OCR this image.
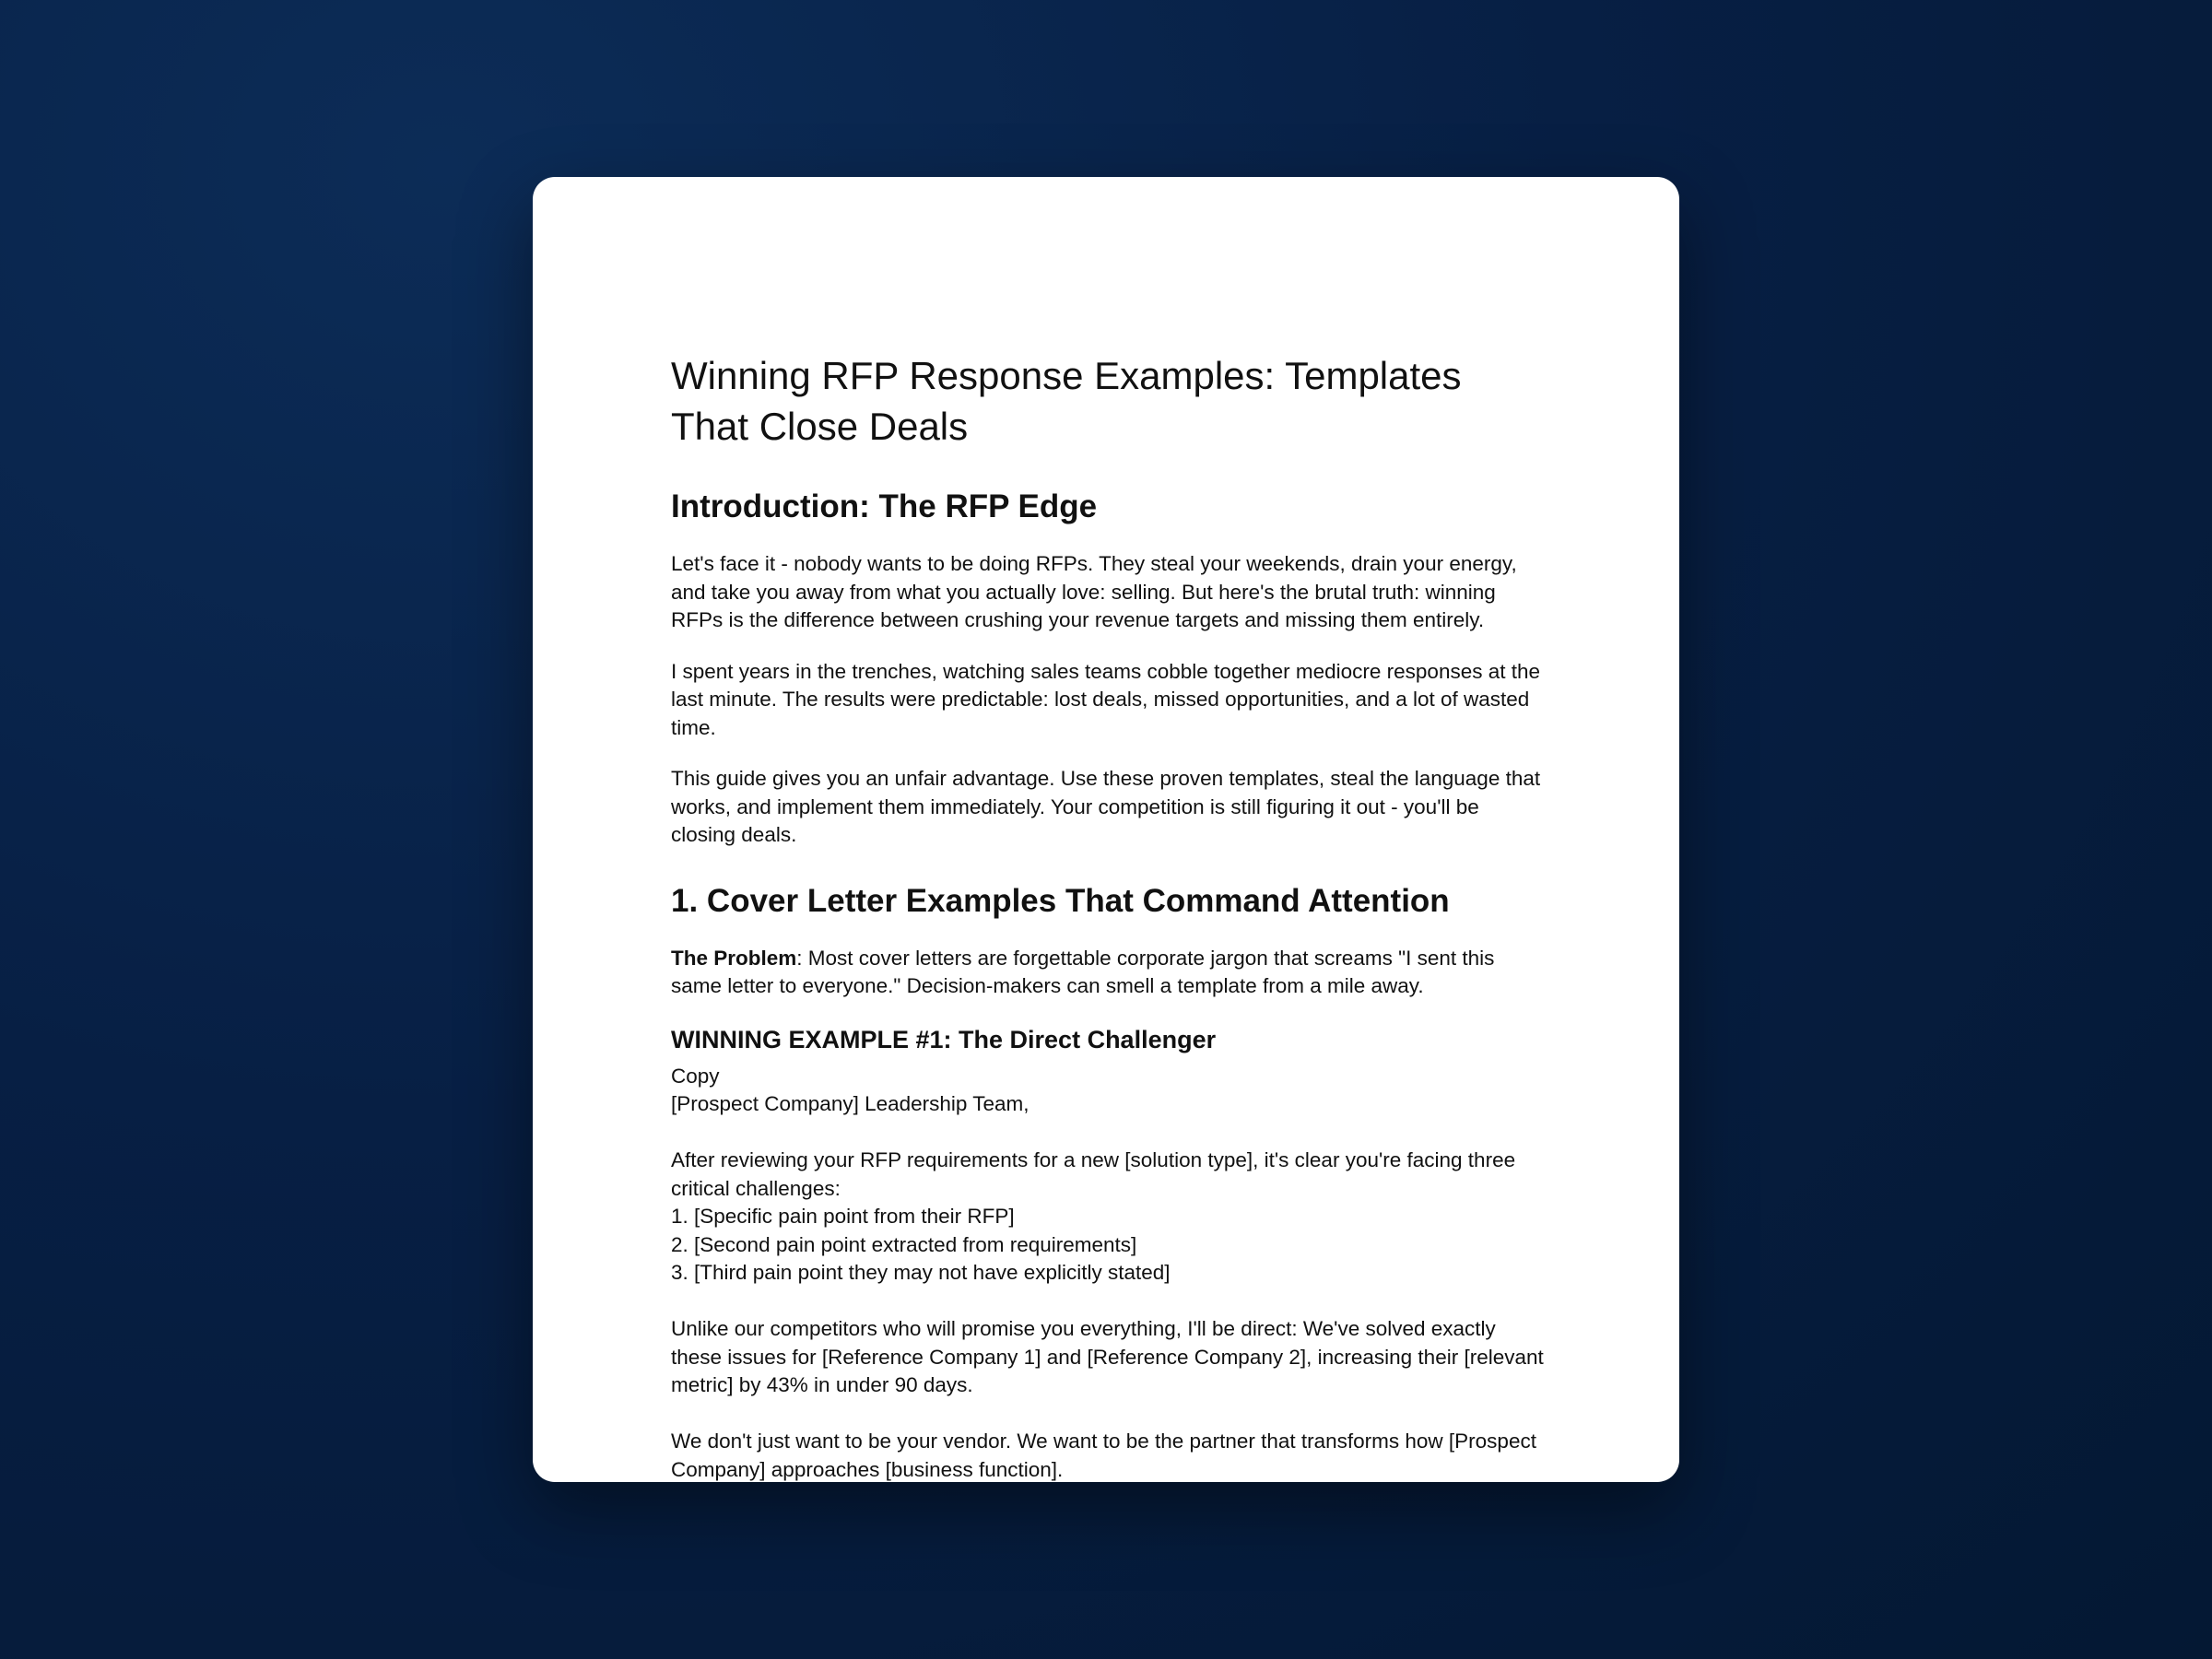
Winning RFP Response Examples: Templates That Close Deals
Introduction: The RFP Edge

Let's face it - nobody wants to be doing RFPs. They steal your weekends, drain your energy, and take you away from what you actually love: selling. But here's the brutal truth: winning RFPs is the difference between crushing your revenue targets and missing them entirely.

I spent years in the trenches, watching sales teams cobble together mediocre responses at the last minute. The results were predictable: lost deals, missed opportunities, and a lot of wasted time.

This guide gives you an unfair advantage. Use these proven templates, steal the language that works, and implement them immediately. Your competition is still figuring it out - you'll be closing deals.

1. Cover Letter Examples That Command Attention

The Problem: Most cover letters are forgettable corporate jargon that screams "I sent this same letter to everyone." Decision-makers can smell a template from a mile away.

WINNING EXAMPLE #1: The Direct Challenger
Copy
[Prospect Company] Leadership Team,
After reviewing your RFP requirements for a new [solution type], it's clear you're facing three critical challenges:
1. [Specific pain point from their RFP]
2. [Second pain point extracted from requirements]
3. [Third pain point they may not have explicitly stated]
Unlike our competitors who will promise you everything, I'll be direct: We've solved exactly these issues for [Reference Company 1] and [Reference Company 2], increasing their [relevant metric] by 43% in under 90 days.
We don't just want to be your vendor. We want to be the partner that transforms how [Prospect Company] approaches [business function].
